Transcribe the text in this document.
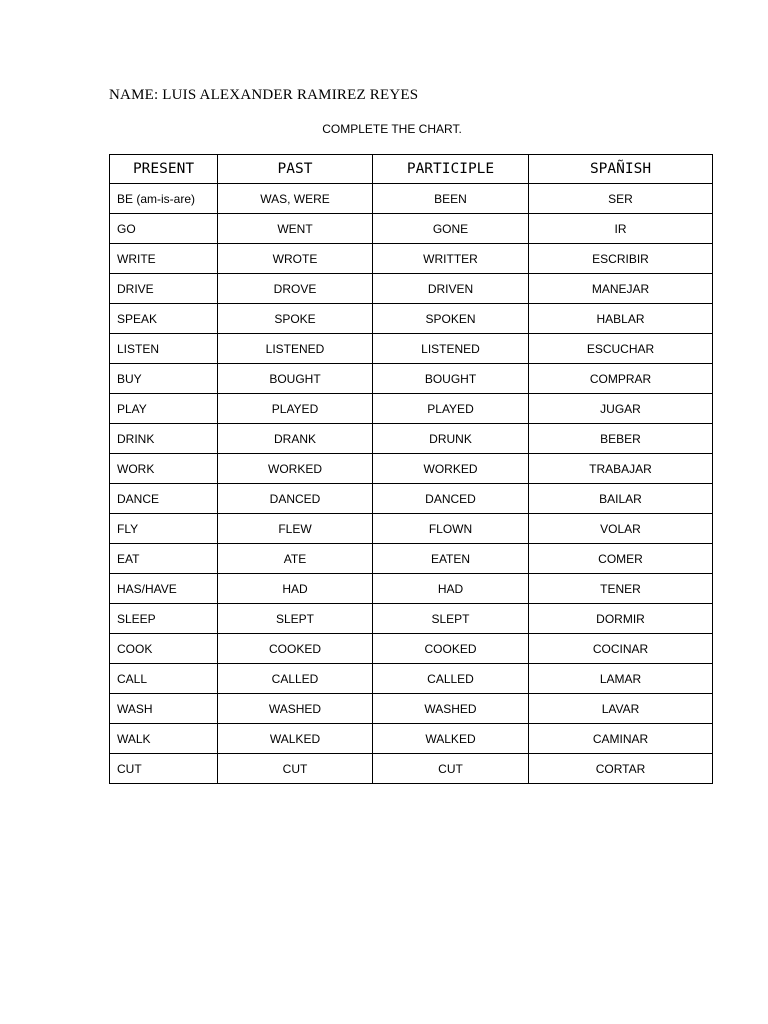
NAME: LUIS ALEXANDER RAMIREZ REYES
COMPLETE THE CHART.
PRESENT	PAST	PARTICIPLE	SPAÑISH
BE (am-is-are)	WAS, WERE	BEEN	SER
GO	WENT	GONE	IR
WRITE	WROTE	WRITTER	ESCRIBIR
DRIVE	DROVE	DRIVEN	MANEJAR
SPEAK	SPOKE	SPOKEN	HABLAR
LISTEN	LISTENED	LISTENED	ESCUCHAR
BUY	BOUGHT	BOUGHT	COMPRAR
PLAY	PLAYED	PLAYED	JUGAR
DRINK	DRANK	DRUNK	BEBER
WORK	WORKED	WORKED	TRABAJAR
DANCE	DANCED	DANCED	BAILAR
FLY	FLEW	FLOWN	VOLAR
EAT	ATE	EATEN	COMER
HAS/HAVE	HAD	HAD	TENER
SLEEP	SLEPT	SLEPT	DORMIR
COOK	COOKED	COOKED	COCINAR
CALL	CALLED	CALLED	LAMAR
WASH	WASHED	WASHED	LAVAR
WALK	WALKED	WALKED	CAMINAR
CUT	CUT	CUT	CORTAR
